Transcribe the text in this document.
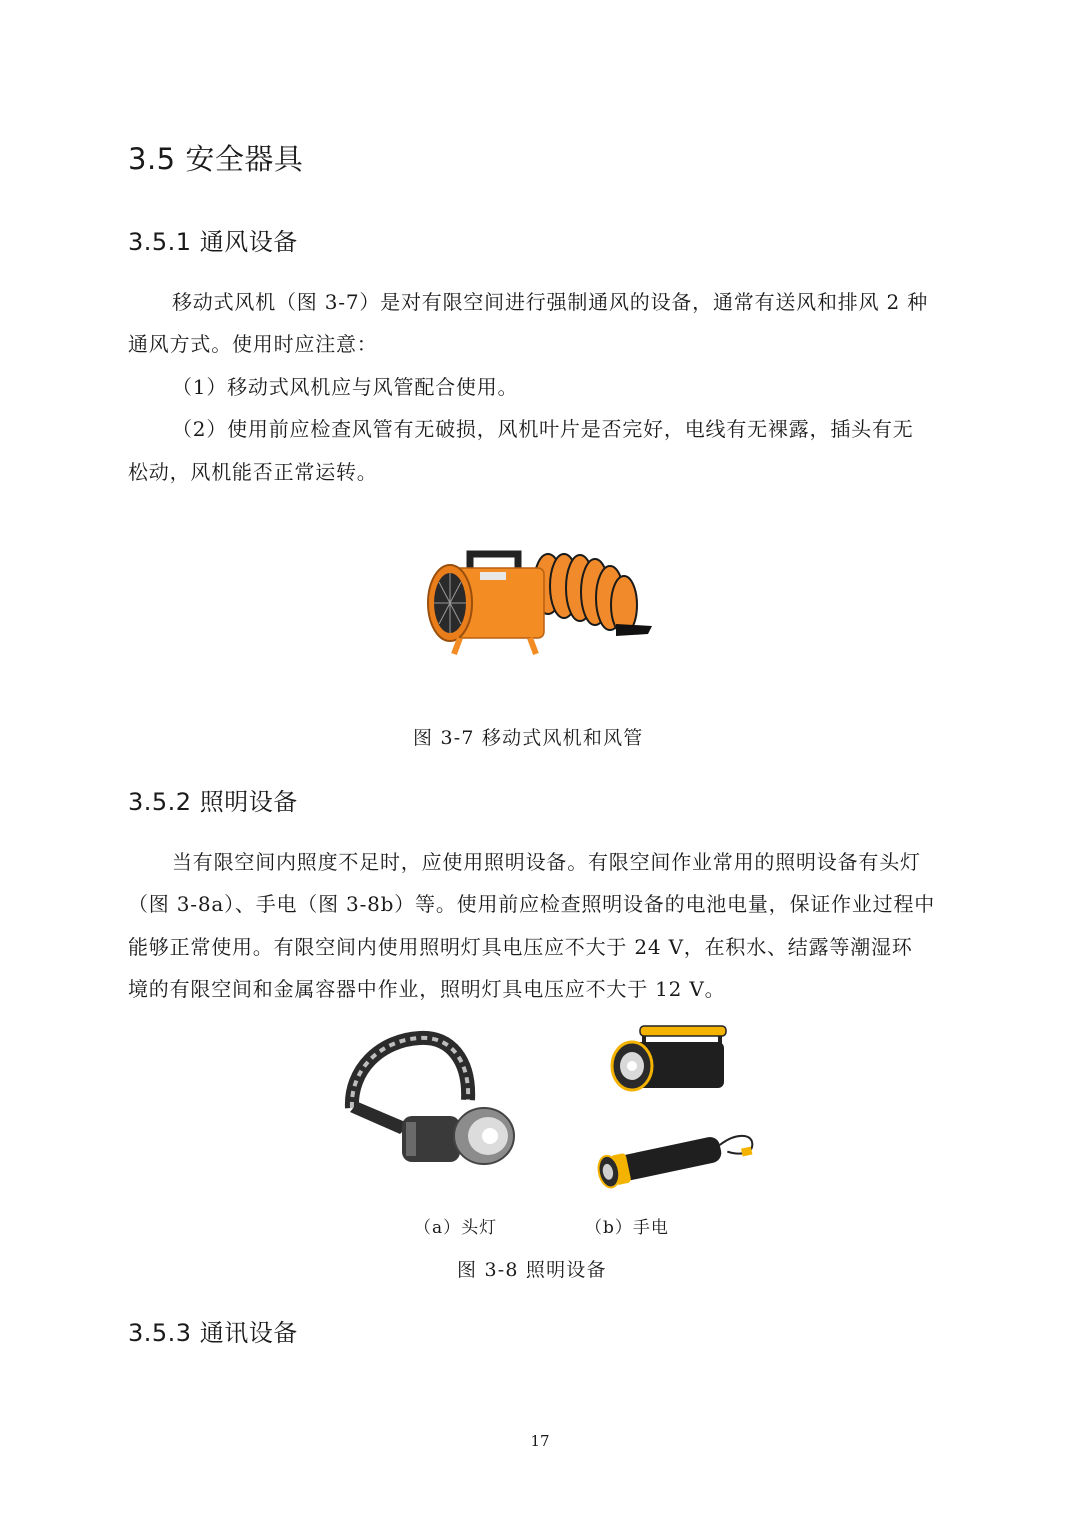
3.5 安全器具
3.5.1 通风设备
移动式风机（图 3-7）是对有限空间进行强制通风的设备，通常有送风和排风 2 种
通风方式。使用时应注意：
（1）移动式风机应与风管配合使用。
（2）使用前应检查风管有无破损，风机叶片是否完好，电线有无裸露，插头有无
松动，风机能否正常运转。
图 3-7 移动式风机和风管
3.5.2 照明设备
当有限空间内照度不足时，应使用照明设备。有限空间作业常用的照明设备有头灯
（图 3-8a）、手电（图 3-8b）等。使用前应检查照明设备的电池电量，保证作业过程中
能够正常使用。有限空间内使用照明灯具电压应不大于 24 V，在积水、结露等潮湿环
境的有限空间和金属容器中作业，照明灯具电压应不大于 12 V。
（a）头灯	（b）手电
图 3-8 照明设备
3.5.3 通讯设备
17
